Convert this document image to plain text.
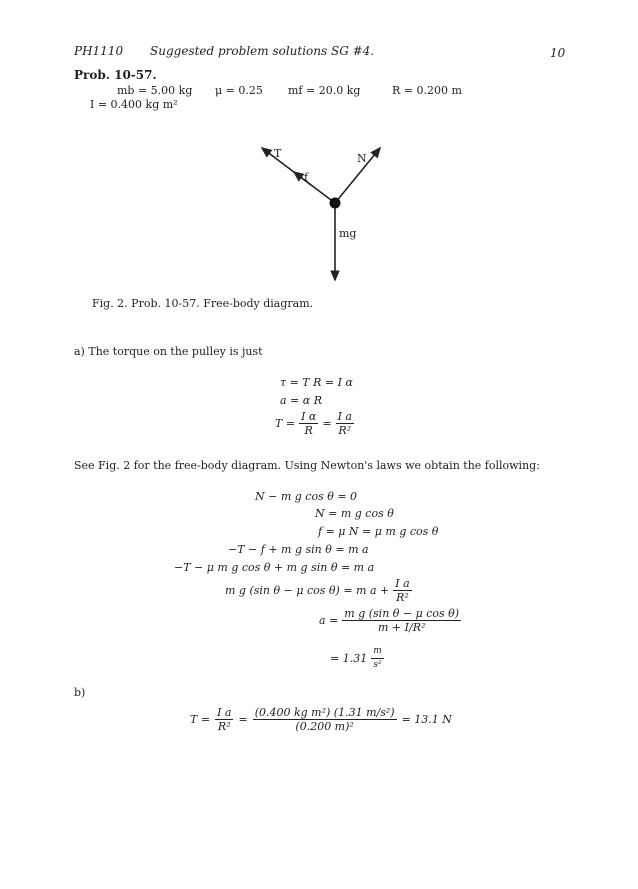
PH1110 Suggested problem solutions SG #4.	10
Prob. 10-57.
mb = 5.00 kg μ = 0.25 mf = 20.0 kg	R = 0.200 m
I = 0.400 kg m²
T	N
f
mg
Fig. 2. Prob. 10-57. Free-body diagram.
a) The torque on the pulley is just
τ = T R = I α
a = α R
$T = \frac{\text{I α}}{R} = \frac{\text{I a}}{\text{R²}}$
See Fig. 2 for the free-body diagram. Using Newton's laws we obtain the following:
N − m g cos θ = 0
N = m g cos θ
f = μ N = μ m g cos θ
−T − f + m g sin θ = m a
−T − μ m g cos θ + m g sin θ = m a
m g (sin θ − μ cos θ) = m $a + \frac{\text{I a}}{\text{R²}}$
$a = \frac{\text{m g (sin θ − μ cos θ)}}{\text{m + I/R²}}$
= $1.31 \frac{m}{\text{s²}}$
b)
$T = \frac{\text{I a}}{\text{R²}} = \frac{\text{(0.400 kg m²) (1.31 m/s²)}}{\text{(0.200 m)²}} = 13.1$ N
